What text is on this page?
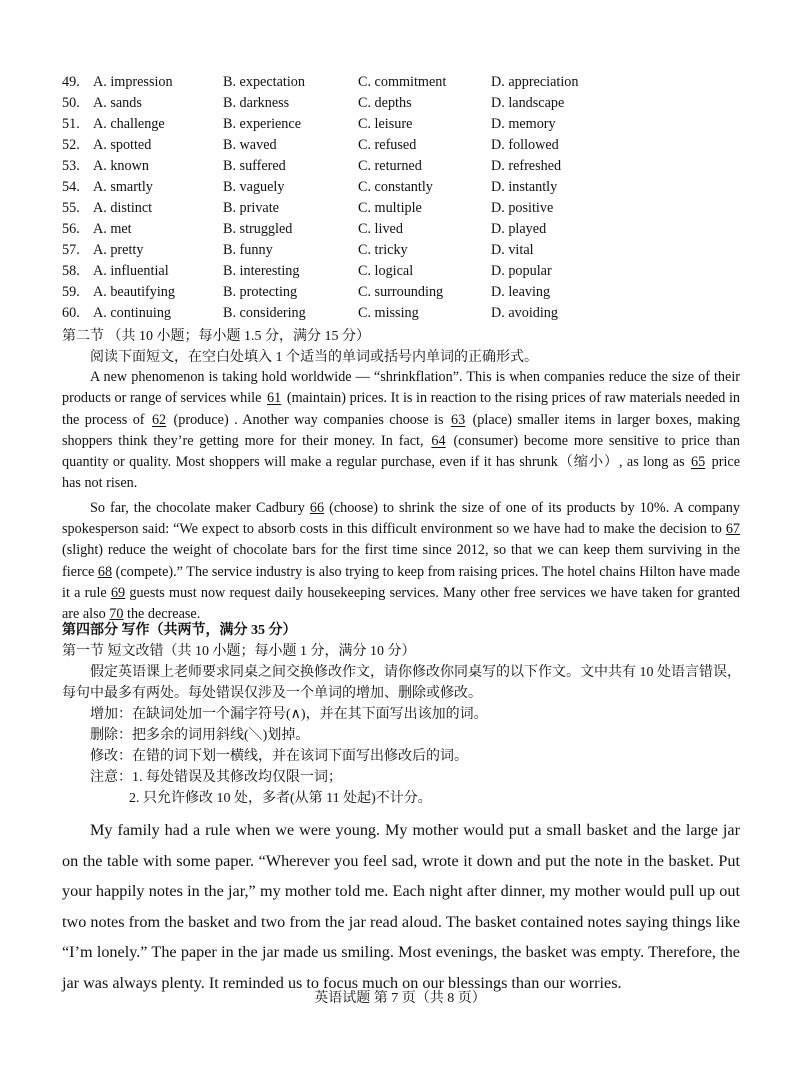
49. A. impression	B. expectation	C. commitment	D. appreciation
50. A. sands	B. darkness	C. depths	D. landscape
51. A. challenge	B. experience	C. leisure	D. memory
52. A. spotted	B. waved	C. refused	D. followed
53. A. known	B. suffered	C. returned	D. refreshed
54. A. smartly	B. vaguely	C. constantly	D. instantly
55. A. distinct	B. private	C. multiple	D. positive
56. A. met	B. struggled	C. lived	D. played
57. A. pretty	B. funny	C. tricky	D. vital
58. A. influential	B. interesting	C. logical	D. popular
59. A. beautifying	B. protecting	C. surrounding	D. leaving
60. A. continuing	B. considering	C. missing	D. avoiding
第二节 （共 10 小题；每小题 1.5 分，满分 15 分）
阅读下面短文，在空白处填入 1 个适当的单词或括号内单词的正确形式。

A new phenomenon is taking hold worldwide — “shrinkflation”. This is when companies reduce the size of their products or range of services while 61 (maintain) prices. It is in reaction to the rising prices of raw materials needed in the process of 62 (produce) . Another way companies choose is 63 (place) smaller items in larger boxes, making shoppers think they’re getting more for their money. In fact, 64 (consumer) become more sensitive to price than quantity or quality. Most shoppers will make a regular purchase, even if it has shrunk（缩小）, as long as 65 price has not risen.

So far, the chocolate maker Cadbury 66 (choose) to shrink the size of one of its products by 10%. A company spokesperson said: “We expect to absorb costs in this difficult environment so we have had to make the decision to 67 (slight) reduce the weight of chocolate bars for the first time since 2012, so that we can keep them surviving in the fierce 68 (compete).” The service industry is also trying to keep from raising prices. The hotel chains Hilton have made it a rule 69 guests must now request daily housekeeping services. Many other free services we have taken for granted are also 70 the decrease.

第四部分 写作（共两节，满分 35 分）
第一节 短文改错（共 10 小题；每小题 1 分，满分 10 分）
假定英语课上老师要求同桌之间交换修改作文，请你修改你同桌写的以下作文。文中共有 10 处语言错误，
每句中最多有两处。每处错误仅涉及一个单词的增加、删除或修改。
增加：在缺词处加一个漏字符号(∧)，并在其下面写出该加的词。
删除：把多余的词用斜线(＼)划掉。
修改：在错的词下划一横线，并在该词下面写出修改后的词。
注意：1. 每处错误及其修改均仅限一词；
2. 只允许修改 10 处，多者(从第 11 处起)不计分。

My family had a rule when we were young. My mother would put a small basket and the large jar on the table with some paper. “Wherever you feel sad, wrote it down and put the note in the basket. Put your happily notes in the jar,” my mother told me. Each night after dinner, my mother would pull up out two notes from the basket and two from the jar read aloud. The basket contained notes saying things like “I’m lonely.” The paper in the jar made us smiling. Most evenings, the basket was empty. Therefore, the jar was always plenty. It reminded us to focus much on our blessings than our worries.

英语试题 第 7 页（共 8 页）
